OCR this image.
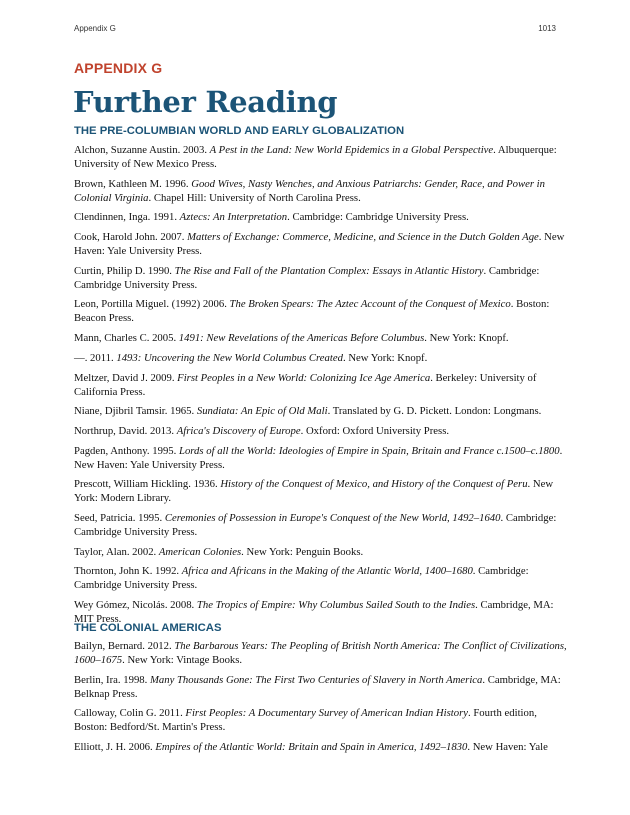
Appendix G	1013
APPENDIX G
Further Reading
THE PRE-COLUMBIAN WORLD AND EARLY GLOBALIZATION
Alchon, Suzanne Austin. 2003. A Pest in the Land: New World Epidemics in a Global Perspective. Albuquerque:
University of New Mexico Press.
Brown, Kathleen M. 1996. Good Wives, Nasty Wenches, and Anxious Patriarchs: Gender, Race, and Power in
Colonial Virginia. Chapel Hill: University of North Carolina Press.
Clendinnen, Inga. 1991. Aztecs: An Interpretation. Cambridge: Cambridge University Press.
Cook, Harold John. 2007. Matters of Exchange: Commerce, Medicine, and Science in the Dutch Golden Age. New
Haven: Yale University Press.
Curtin, Philip D. 1990. The Rise and Fall of the Plantation Complex: Essays in Atlantic History. Cambridge:
Cambridge University Press.
Leon, Portilla Miguel. (1992) 2006. The Broken Spears: The Aztec Account of the Conquest of Mexico. Boston:
Beacon Press.
Mann, Charles C. 2005. 1491: New Revelations of the Americas Before Columbus. New York: Knopf.
—. 2011. 1493: Uncovering the New World Columbus Created. New York: Knopf.
Meltzer, David J. 2009. First Peoples in a New World: Colonizing Ice Age America. Berkeley: University of
California Press.
Niane, Djibril Tamsir. 1965. Sundiata: An Epic of Old Mali. Translated by G. D. Pickett. London: Longmans.
Northrup, David. 2013. Africa's Discovery of Europe. Oxford: Oxford University Press.
Pagden, Anthony. 1995. Lords of all the World: Ideologies of Empire in Spain, Britain and France c.1500–c.1800.
New Haven: Yale University Press.
Prescott, William Hickling. 1936. History of the Conquest of Mexico, and History of the Conquest of Peru. New
York: Modern Library.
Seed, Patricia. 1995. Ceremonies of Possession in Europe's Conquest of the New World, 1492–1640. Cambridge:
Cambridge University Press.
Taylor, Alan. 2002. American Colonies. New York: Penguin Books.
Thornton, John K. 1992. Africa and Africans in the Making of the Atlantic World, 1400–1680. Cambridge:
Cambridge University Press.
Wey Gómez, Nicolás. 2008. The Tropics of Empire: Why Columbus Sailed South to the Indies. Cambridge, MA:
MIT Press.
THE COLONIAL AMERICAS
Bailyn, Bernard. 2012. The Barbarous Years: The Peopling of British North America: The Conflict of Civilizations,
1600–1675. New York: Vintage Books.
Berlin, Ira. 1998. Many Thousands Gone: The First Two Centuries of Slavery in North America. Cambridge, MA:
Belknap Press.
Calloway, Colin G. 2011. First Peoples: A Documentary Survey of American Indian History. Fourth edition,
Boston: Bedford/St. Martin's Press.
Elliott, J. H. 2006. Empires of the Atlantic World: Britain and Spain in America, 1492–1830. New Haven: Yale
